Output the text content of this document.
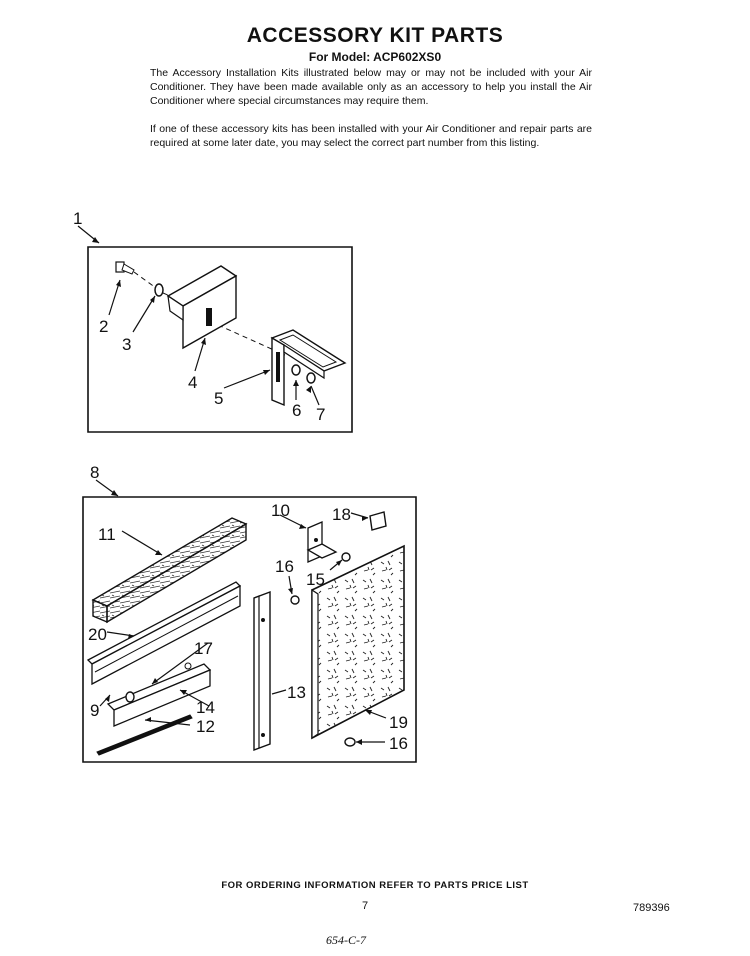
ACCESSORY KIT PARTS
For Model: ACP602XS0

The Accessory Installation Kits illustrated below may or may not be included with your Air Conditioner. They have been made available only as an accessory to help you install the Air Conditioner where special circumstances may require them.

If one of these accessory kits has been installed with your Air Conditioner and repair parts are required at some later date, you may select the correct part number from this listing.

1
2
3
4
5
6 7
8
10 18
11
16
15
20
17
9	14
12
13
19
16
FOR ORDERING INFORMATION REFER TO PARTS PRICE LIST
7	789396
654-C-7
